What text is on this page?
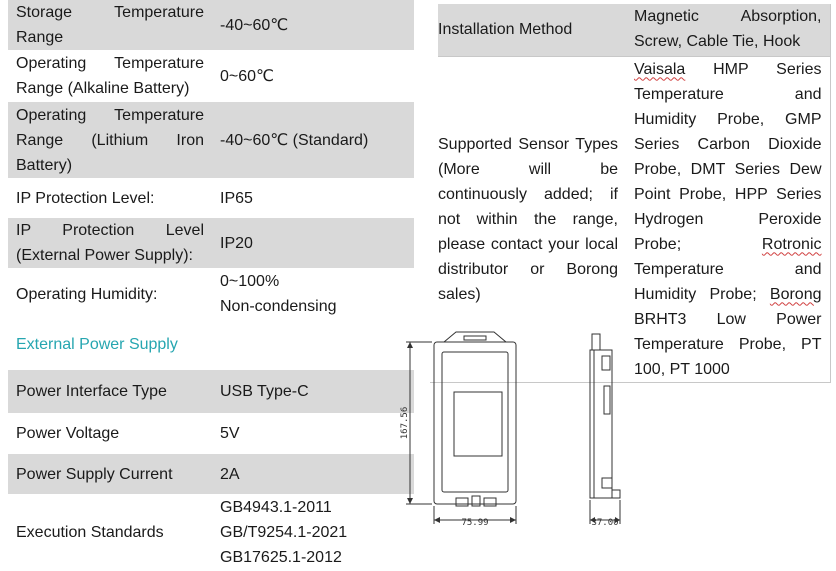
Storage Temperature Range	-40~60℃
Operating Temperature Range (Alkaline Battery)	0~60℃
Operating Temperature Range (Lithium Iron Battery)	-40~60℃ (Standard)
IP Protection Level:	IP65
IP Protection Level (External Power Supply):	IP20
Operating Humidity:	0~100%
Non-condensing
External Power Supply	
Power Interface Type	USB Type-C
Power Voltage	5V
Power Supply Current	2A
Execution Standards	GB4943.1-2011
GB/T9254.1-2021
GB17625.1-2012
Installation Method	Magnetic Absorption, Screw, Cable Tie, Hook
Supported Sensor Types (More will be continuously added; if not within the range, please contact your local distributor or Borong sales)	Vaisala HMP Series Temperature and Humidity Probe, GMP Series Carbon Dioxide Probe, DMT Series Dew Point Probe, HPP Series Hydrogen Peroxide Probe; Rotronic Temperature and Humidity Probe; Borong BRHT3 Low Power Temperature Probe, PT 100, PT 1000
167.56
75.99	37.00
